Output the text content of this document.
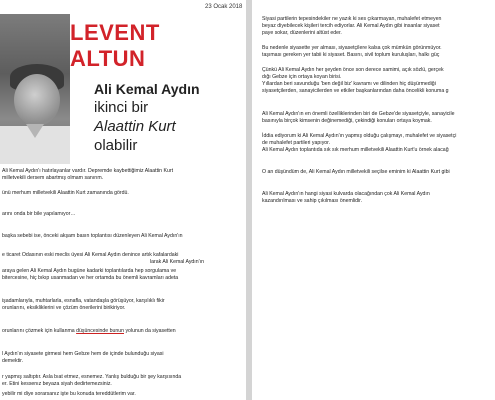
23 Ocak 2018
LEVENT
ALTUN
Ali Kemal Aydın
ikinci bir
Alaattin Kurt
olabilir
Ali Kemal Aydın'ı hatırlayanlar vardır. Depremde kaybettiğimiz Alaattin Kurt
milletvekili dersem abartmış olmam sanırım.
ünü merhum milletvekili Alaattin Kurt zamanında gördü.
arını onda bir bile yapılamıyor…
başka sebebi ise, önceki akşam basın toplantısı düzenleyen Ali Kemal Aydın'ın
e ticaret Odasının eski meclis üyesi Ali Kemal Aydın denince artık kafalardaki
larak Ali Kemal Aydın'ın
araya gelen Ali Kemal Aydın bugüne kadarki toplantılarda hep sorgulama ve
bitercesine, hiç bıkıp usanmadan ve her ortamda bu önemli kavramları adeta
işadamlarıyla, muhtarlarla, esnafla, vatandaşla görüşüyor, karşılıklı fikir
orunlarını, eksikliklerini ve çözüm önerilerini birikiriyor.
orunlarını çözmek için kullanma düşüncesinde bunun yolunun da siyasetten
l Aydın'ın siyasete girmesi hem Gebze hem de içinde bulunduğu siyasi
demektir.
r yapmış saltıptır. Asla bıat etmez, esnemez. Yanlış bulduğu bir şey karşısında
er. Etini kessenız beyaza siyah dedirtemezsiniz.
yebilir mi diye sorarsanız işte bu konuda tereddütlerim var.
Siyasi partilerin tepesindekiler ne yazık ki ses çıkarmayan, muhalefet etmeyen
beyaz diyebilecek kişileri tercih ediyorlar. Ali Kemal Aydın gibi insanlar siyaset
paye sokar, düzenlerini altüst eder.
Bu nedenle siyasette yer alması, siyasetçilere kalsa çok mümkün görünmüyor.
taşıması gereken yer tabii ki siyaset. Basını, sivil toplum kuruluşları, halkı güç
Çünkü Ali Kemal Aydın her şeyden önce son derece samimi, açık sözlü, gerçek
dığı Gebze için ortaya koyan birisi.
Yıllardan beri savunduğu 'ben değil biz' kavramı ve dilinden hiç düşürmediği
siyasetçilerden, sanayicilerden ve etkiler başkanlarından daha öncelikli konuma g
Ali Kemal Aydın'ın en önemli özelliklerinden biri de Gebze'de siyasetçiyle, sanayicile
basınıyla birçok kimsenin değinemediği, çekindiği konuları ortaya koymak.
İddia ediyorum ki Ali Kemal Aydın'ın yapmış olduğu çalışmayı, muhalefet ve siyasetçi
de muhalefet partileri yapıyor.
Ali Kemal Aydın toplantıda sık sık merhum milletvekili Alaattin Kurt'u örnek alacağ
O an düşündüm de, Ali Kemal Aydın milletvekili seçilse eminim ki Alaattin Kurt gibi
Ali Kemal Aydın'ın hangi siyasi kulvarda olacağından çok Ali Kemal Aydın
kazandırılması ve sahip çıkılması önemlidir.
